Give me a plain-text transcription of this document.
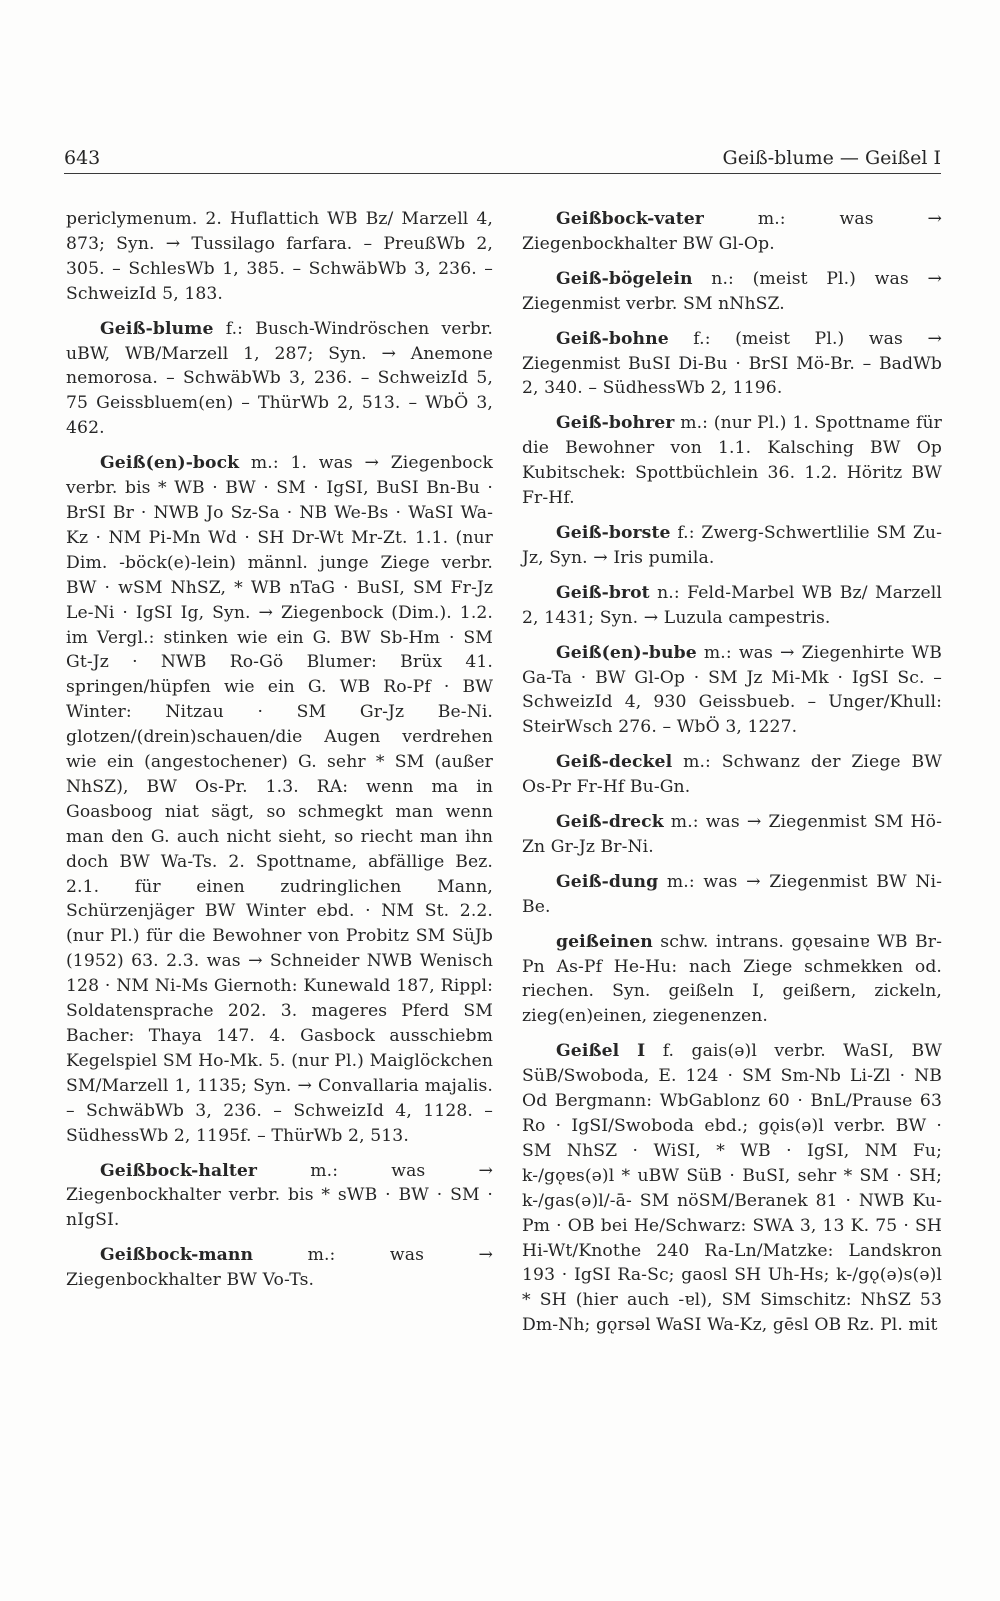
643	Geiß-blume — Geißel I

periclymenum. 2. Huflattich WB Bz/ Marzell 4, 873; Syn. → Tussilago farfara. – PreußWb 2, 305. – SchlesWb 1, 385. – SchwäbWb 3, 236. – SchweizId 5, 183.

Geiß-blume f.: Busch-Windröschen verbr. uBW, WB/Marzell 1, 287; Syn. → Anemone nemorosa. – SchwäbWb 3, 236. – SchweizId 5, 75 Geissbluem(en) – ThürWb 2, 513. – WbÖ 3, 462.

Geiß(en)-bock m.: 1. was → Ziegenbock verbr. bis * WB · BW · SM · IgSI, BuSI Bn-Bu · BrSI Br · NWB Jo Sz-Sa · NB We-Bs · WaSI Wa-Kz · NM Pi-Mn Wd · SH Dr-Wt Mr-Zt. 1.1. (nur Dim. -böck(e)-lein) männl. junge Ziege verbr. BW · wSM NhSZ, * WB nTaG · BuSI, SM Fr-Jz Le-Ni · IgSI Ig, Syn. → Ziegenbock (Dim.). 1.2. im Vergl.: stinken wie ein G. BW Sb-Hm · SM Gt-Jz · NWB Ro-Gö Blumer: Brüx 41. springen/hüpfen wie ein G. WB Ro-Pf · BW Winter: Nitzau · SM Gr-Jz Be-Ni. glotzen/(drein)schauen/die Augen verdrehen wie ein (angestochener) G. sehr * SM (außer NhSZ), BW Os-Pr. 1.3. RA: wenn ma in Goasboog niat sägt, so schmegkt man wenn man den G. auch nicht sieht, so riecht man ihn doch BW Wa-Ts. 2. Spottname, abfällige Bez. 2.1. für einen zudringlichen Mann, Schürzenjäger BW Winter ebd. · NM St. 2.2. (nur Pl.) für die Bewohner von Probitz SM SüJb (1952) 63. 2.3. was → Schneider NWB Wenisch 128 · NM Ni-Ms Giernoth: Kunewald 187, Rippl: Soldatensprache 202. 3. mageres Pferd SM Bacher: Thaya 147. 4. Gasbock ausschiebm Kegelspiel SM Ho-Mk. 5. (nur Pl.) Maiglöckchen SM/Marzell 1, 1135; Syn. → Convallaria majalis. – SchwäbWb 3, 236. – SchweizId 4, 1128. – SüdhessWb 2, 1195f. – ThürWb 2, 513.

Geißbock-halter	m.: was → Ziegenbockhalter verbr. bis * sWB · BW · SM · nIgSI.

Geißbock-mann	m.: was → Ziegenbockhalter BW Vo-Ts.

Geißbock-vater	m.: was → Ziegenbockhalter BW Gl-Op.

Geiß-bögelein n.: (meist Pl.) was → Ziegenmist verbr. SM nNhSZ.

Geiß-bohne f.: (meist Pl.) was → Ziegenmist BuSI Di-Bu · BrSI Mö-Br. – BadWb 2, 340. – SüdhessWb 2, 1196.

Geiß-bohrer m.: (nur Pl.) 1. Spottname für die Bewohner von 1.1. Kalsching BW Op Kubitschek: Spottbüchlein 36. 1.2. Höritz BW Fr-Hf.

Geiß-borste f.: Zwerg-Schwertlilie SM Zu-Jz, Syn. → Iris pumila.

Geiß-brot n.: Feld-Marbel WB Bz/ Marzell 2, 1431; Syn. → Luzula campestris.

Geiß(en)-bube m.: was → Ziegenhirte WB Ga-Ta · BW Gl-Op · SM Jz Mi-Mk · IgSI Sc. – SchweizId 4, 930 Geissbueb. – Unger/Khull: SteirWsch 276. – WbÖ 3, 1227.

Geiß-deckel m.: Schwanz der Ziege BW Os-Pr Fr-Hf Bu-Gn.

Geiß-dreck m.: was → Ziegenmist SM Hö-Zn Gr-Jz Br-Ni.

Geiß-dung m.: was → Ziegenmist BW Ni-Be.

geißeinen schw. intrans. gǫɐsainɐ WB Br-Pn As-Pf He-Hu: nach Ziege schmekken od. riechen. Syn. geißeln I, geißern, zickeln, zieg(en)einen, ziegenenzen.

Geißel I f. gais(ə)l verbr. WaSI, BW SüB/Swoboda, E. 124 · SM Sm-Nb Li-Zl · NB Od Bergmann: WbGablonz 60 · BnL/Prause 63 Ro · IgSI/Swoboda ebd.; gǫis(ə)l verbr. BW · SM NhSZ · WiSI, * WB · IgSI, NM Fu; k-/gǫɐs(ə)l * uBW SüB · BuSI, sehr * SM · SH; k-/gas(ə)l/-ā- SM nöSM/Beranek 81 · NWB Ku-Pm · OB bei He/Schwarz: SWA 3, 13 K. 75 · SH Hi-Wt/Knothe 240 Ra-Ln/Matzke: Landskron 193 · IgSI Ra-Sc; gaosl SH Uh-Hs; k-/gǫ(ə)s(ə)l * SH (hier auch -ɐl), SM Simschitz: NhSZ 53 Dm-Nh; gǫrsəl WaSI Wa-Kz, gēsl OB Rz. Pl. mit
